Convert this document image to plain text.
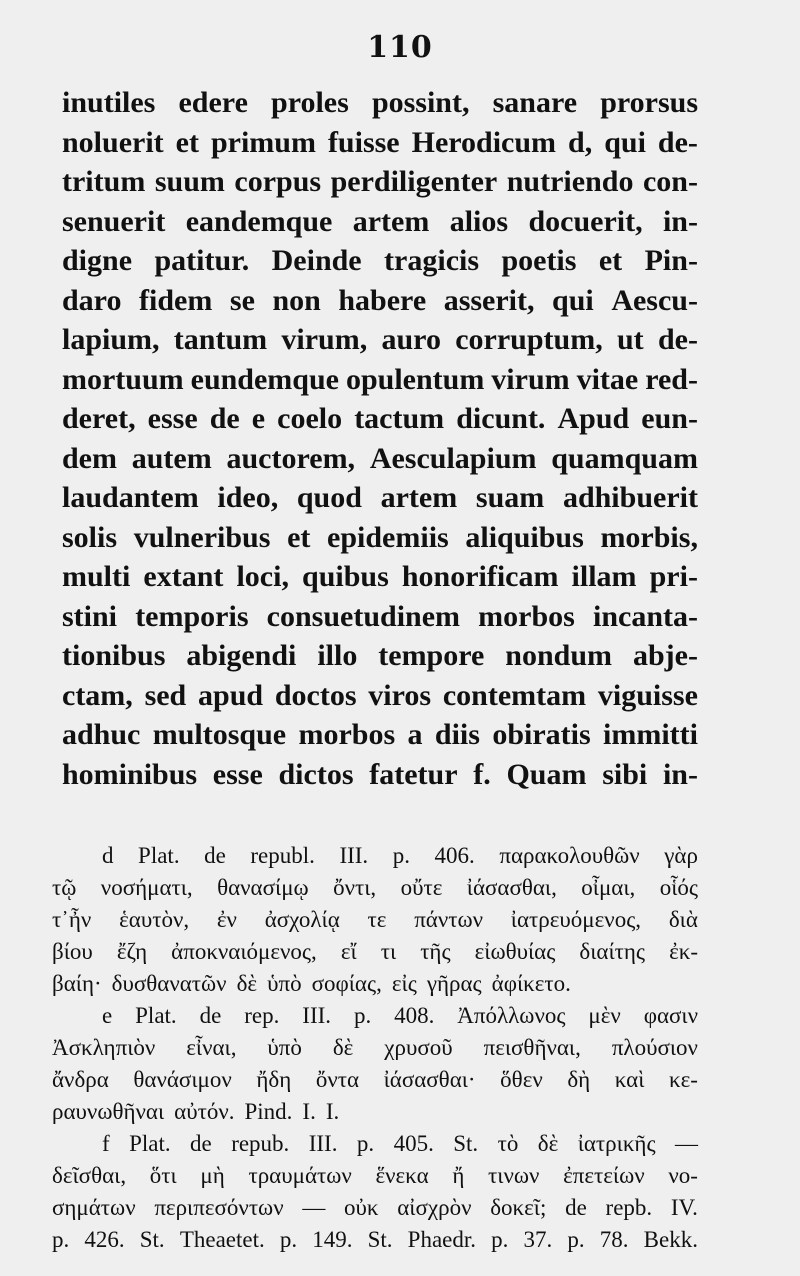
110
inutiles edere proles possint, sanare prorsus
noluerit et primum fuisse Herodicum d, qui de-
tritum suum corpus perdiligenter nutriendo con-
senuerit eandemque artem alios docuerit, in-
digne patitur. Deinde tragicis poetis et Pin-
daro fidem se non habere asserit, qui Aescu-
lapium, tantum virum, auro corruptum, ut de-
mortuum eundemque opulentum virum vitae red-
deret, esse de e coelo tactum dicunt. Apud eun-
dem autem auctorem, Aesculapium quamquam
laudantem ideo, quod artem suam adhibuerit
solis vulneribus et epidemiis aliquibus morbis,
multi extant loci, quibus honorificam illam pri-
stini temporis consuetudinem morbos incanta-
tionibus abigendi illo tempore nondum abje-
ctam, sed apud doctos viros contemtam viguisse
adhuc multosque morbos a diis obiratis immitti
hominibus esse dictos fatetur f. Quam sibi in-
d Plat. de republ. III. p. 406. παρακολουθῶν γὰρ
τῷ νοσήματι, θανασίμῳ ὄντι, οὔτε ἰάσασθαι, οἶμαι, οἷός
τ᾽ἦν ἑαυτὸν, ἐν ἀσχολίᾳ τε πάντων ἰατρευόμενος, διὰ
βίου ἔζη ἀποκναιόμενος, εἴ τι τῆς εἰωθυίας διαίτης ἐκ-
βαίη· δυσθανατῶν δὲ ὑπὸ σοφίας, εἰς γῆρας ἀφίκετο.
e Plat. de rep. III. p. 408. Ἀπόλλωνος μὲν φασιν
Ἀσκληπιὸν εἶναι, ὑπὸ δὲ χρυσοῦ πεισθῆναι, πλούσιον
ἄνδρα θανάσιμον ἤδη ὄντα ἰάσασθαι· ὅθεν δὴ καὶ κε-
ραυνωθῆναι αὐτόν. Pind. I. I.
f Plat. de repub. III. p. 405. St. τὸ δὲ ἰατρικῆς —
δεῖσθαι, ὅτι μὴ τραυμάτων ἕνεκα ἤ τινων ἐπετείων νο-
σημάτων περιπεσόντων — οὐκ αἰσχρὸν δοκεῖ; de repb. IV.
p. 426. St. Theaetet. p. 149. St. Phaedr. p. 37. p. 78. Bekk.
